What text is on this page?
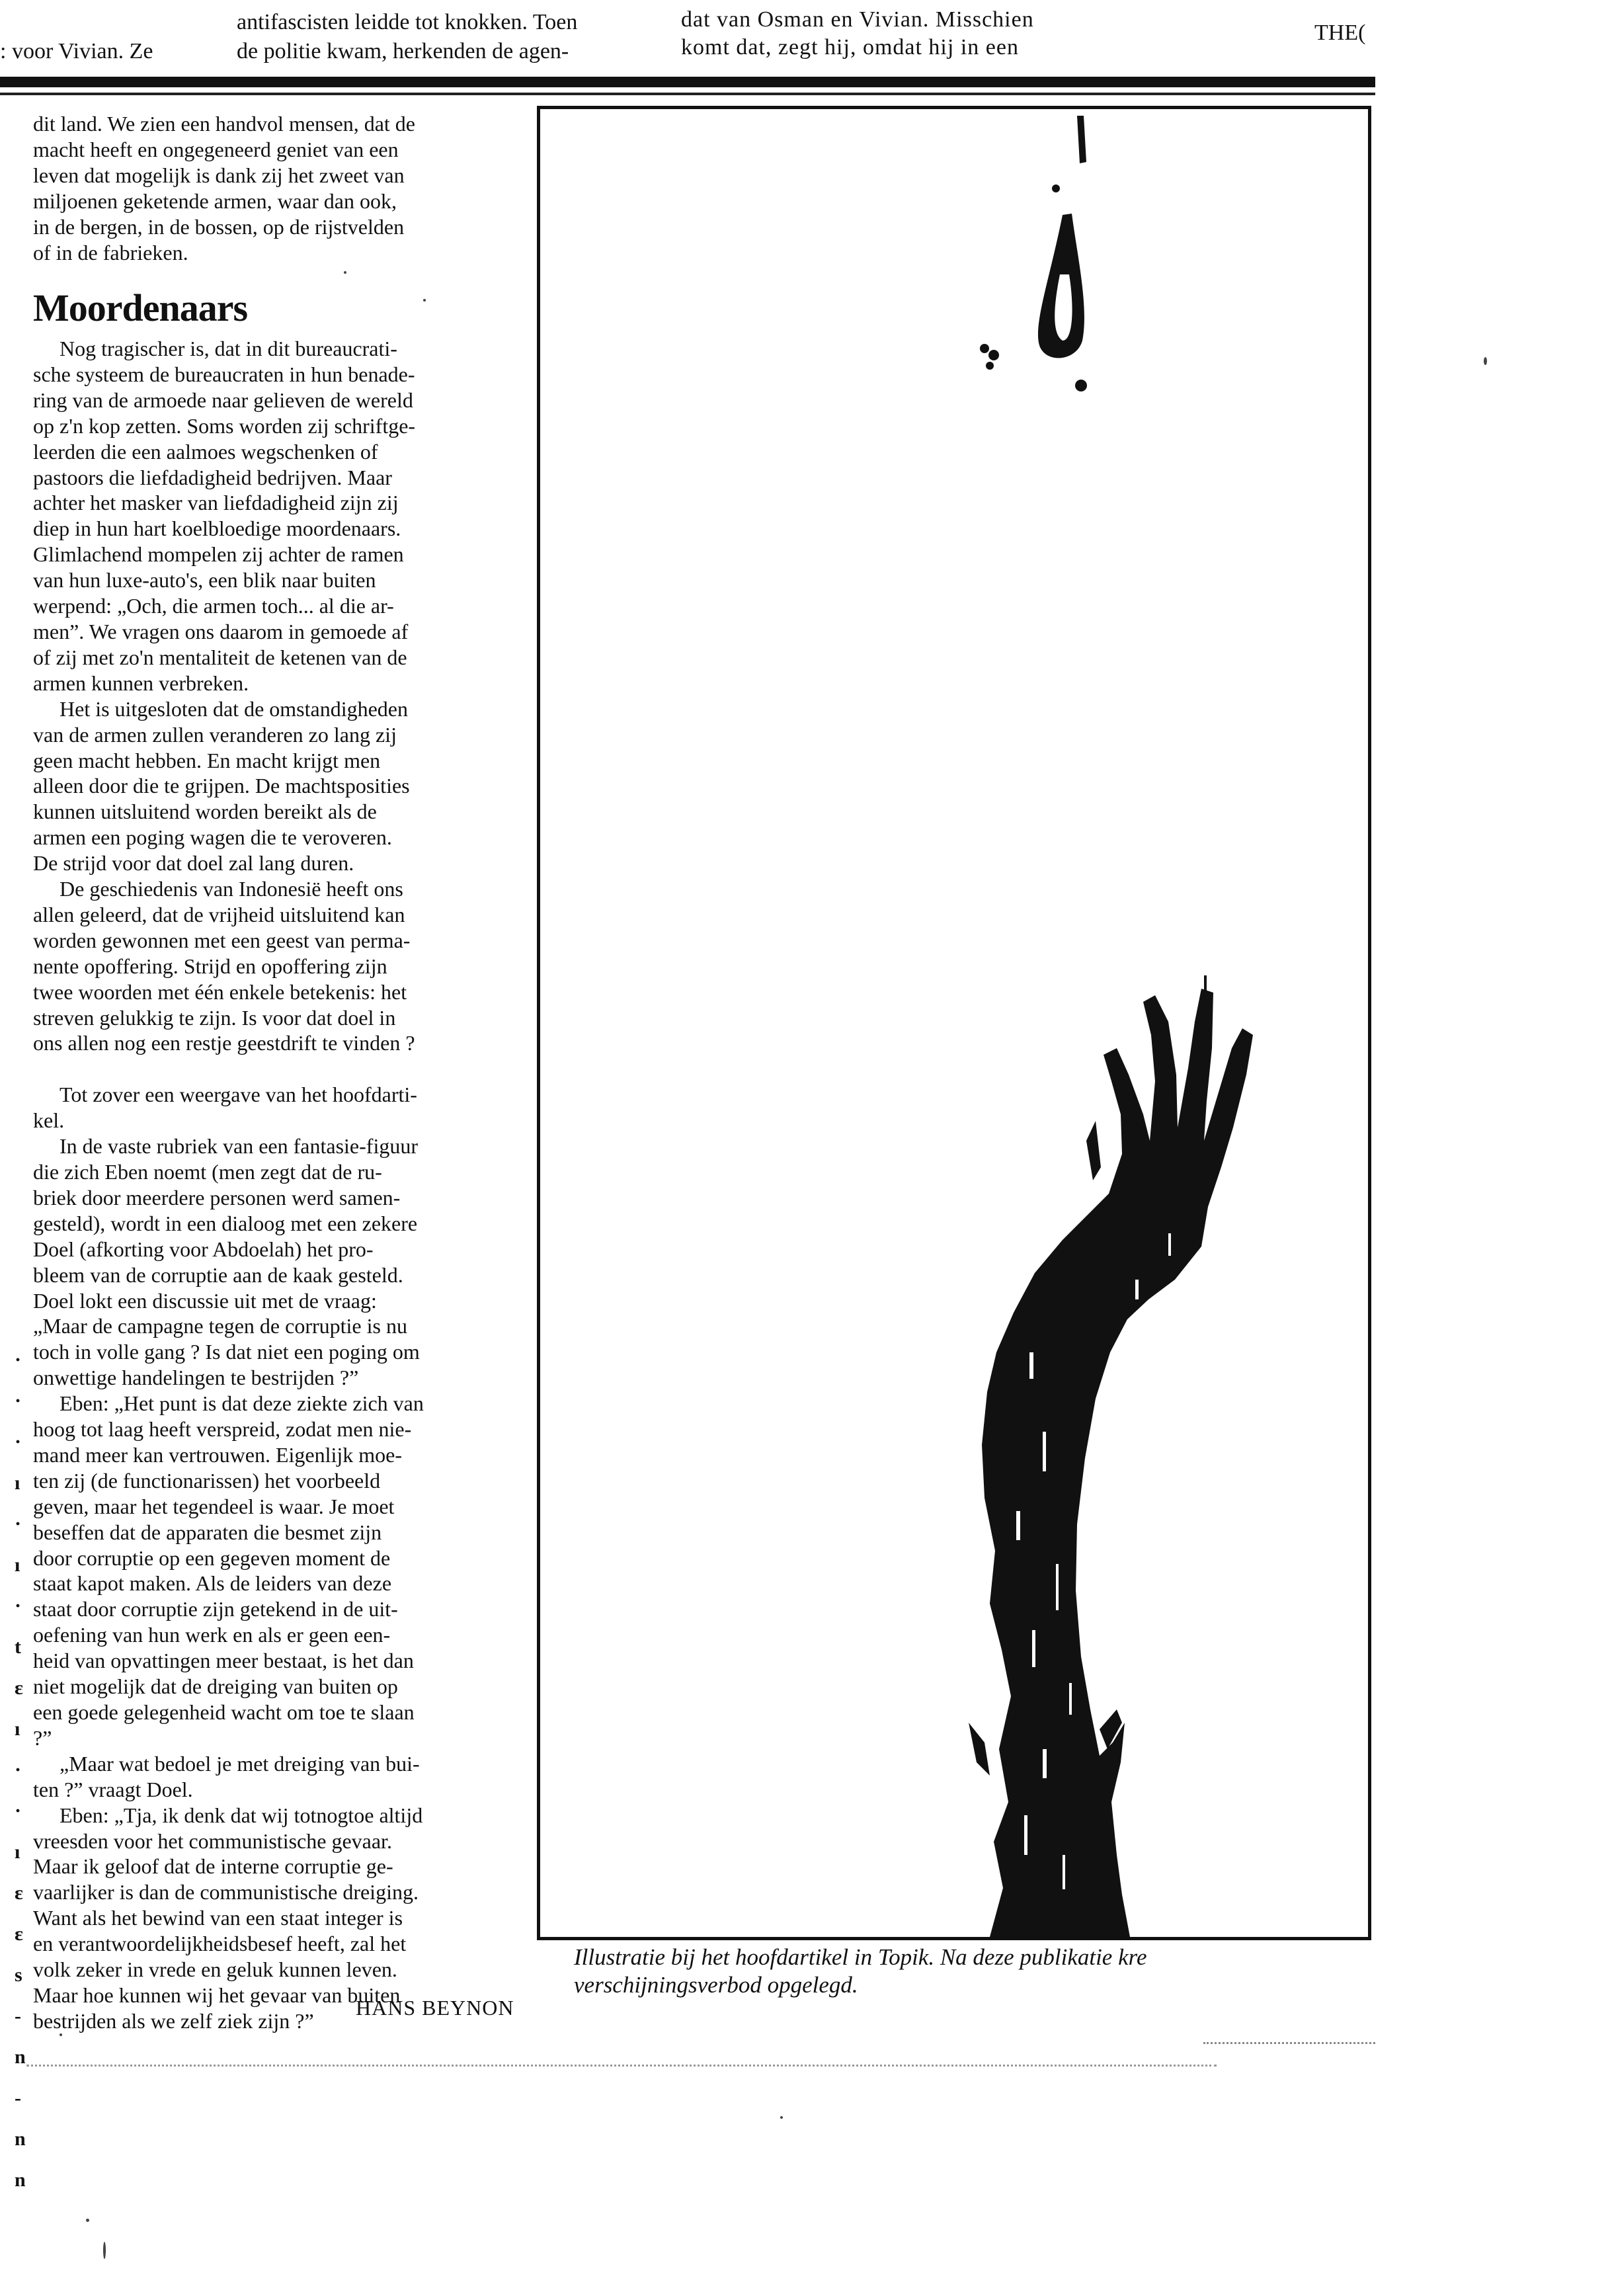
: voor Vivian. Ze
antifascisten leidde tot knokken. Toen
de politie kwam, herkenden de agen-
dat van Osman en Vivian. Misschien
komt dat, zegt hij, omdat hij in een
THE(

dit land. We zien een handvol mensen, dat de

macht heeft en ongegeneerd geniet van een

leven dat mogelijk is dank zij het zweet van

miljoenen geketende armen, waar dan ook,

in de bergen, in de bossen, op de rijstvelden

of in de fabrieken.

Moordenaars

Nog tragischer is, dat in dit bureaucrati-

sche systeem de bureaucraten in hun benade-

ring van de armoede naar gelieven de wereld

op z'n kop zetten. Soms worden zij schriftge-

leerden die een aalmoes wegschenken of

pastoors die liefdadigheid bedrijven. Maar

achter het masker van liefdadigheid zijn zij

diep in hun hart koelbloedige moordenaars.

Glimlachend mompelen zij achter de ramen

van hun luxe-auto's, een blik naar buiten

werpend: „Och, die armen toch... al die ar-

men”. We vragen ons daarom in gemoede af

of zij met zo'n mentaliteit de ketenen van de

armen kunnen verbreken.

Het is uitgesloten dat de omstandigheden

van de armen zullen veranderen zo lang zij

geen macht hebben. En macht krijgt men

alleen door die te grijpen. De machtsposities

kunnen uitsluitend worden bereikt als de

armen een poging wagen die te veroveren.

De strijd voor dat doel zal lang duren.

De geschiedenis van Indonesië heeft ons

allen geleerd, dat de vrijheid uitsluitend kan

worden gewonnen met een geest van perma-

nente opoffering. Strijd en opoffering zijn

twee woorden met één enkele betekenis: het

streven gelukkig te zijn. Is voor dat doel in

ons allen nog een restje geestdrift te vinden ?

Tot zover een weergave van het hoofdarti-

kel.

In de vaste rubriek van een fantasie-figuur

die zich Eben noemt (men zegt dat de ru-

briek door meerdere personen werd samen-

gesteld), wordt in een dialoog met een zekere

Doel (afkorting voor Abdoelah) het pro-

bleem van de corruptie aan de kaak gesteld.

Doel lokt een discussie uit met de vraag:

„Maar de campagne tegen de corruptie is nu

toch in volle gang ? Is dat niet een poging om

onwettige handelingen te bestrijden ?”

Eben: „Het punt is dat deze ziekte zich van

hoog tot laag heeft verspreid, zodat men nie-

mand meer kan vertrouwen. Eigenlijk moe-

ten zij (de functionarissen) het voorbeeld

geven, maar het tegendeel is waar. Je moet

beseffen dat de apparaten die besmet zijn

door corruptie op een gegeven moment de

staat kapot maken. Als de leiders van deze

staat door corruptie zijn getekend in de uit-

oefening van hun werk en als er geen een-

heid van opvattingen meer bestaat, is het dan

niet mogelijk dat de dreiging van buiten op

een goede gelegenheid wacht om toe te slaan

?”

„Maar wat bedoel je met dreiging van bui-

ten ?” vraagt Doel.

Eben: „Tja, ik denk dat wij totnogtoe altijd

vreesden voor het communistische gevaar.

Maar ik geloof dat de interne corruptie ge-

vaarlijker is dan de communistische dreiging.

Want als het bewind van een staat integer is

en verantwoordelijkheidsbesef heeft, zal het

volk zeker in vrede en geluk kunnen leven.

Maar hoe kunnen wij het gevaar van buiten

bestrijden als we zelf ziek zijn ?”

HANS BEYNON
·
·
·
ı
·
ı
·
t
ɛ
ı
·
·
ı
ɛ
ɛ
s
-
n
-
n
n
Illustratie bij het hoofdartikel in Topik. Na deze publikatie kre
verschijningsverbod opgelegd.
